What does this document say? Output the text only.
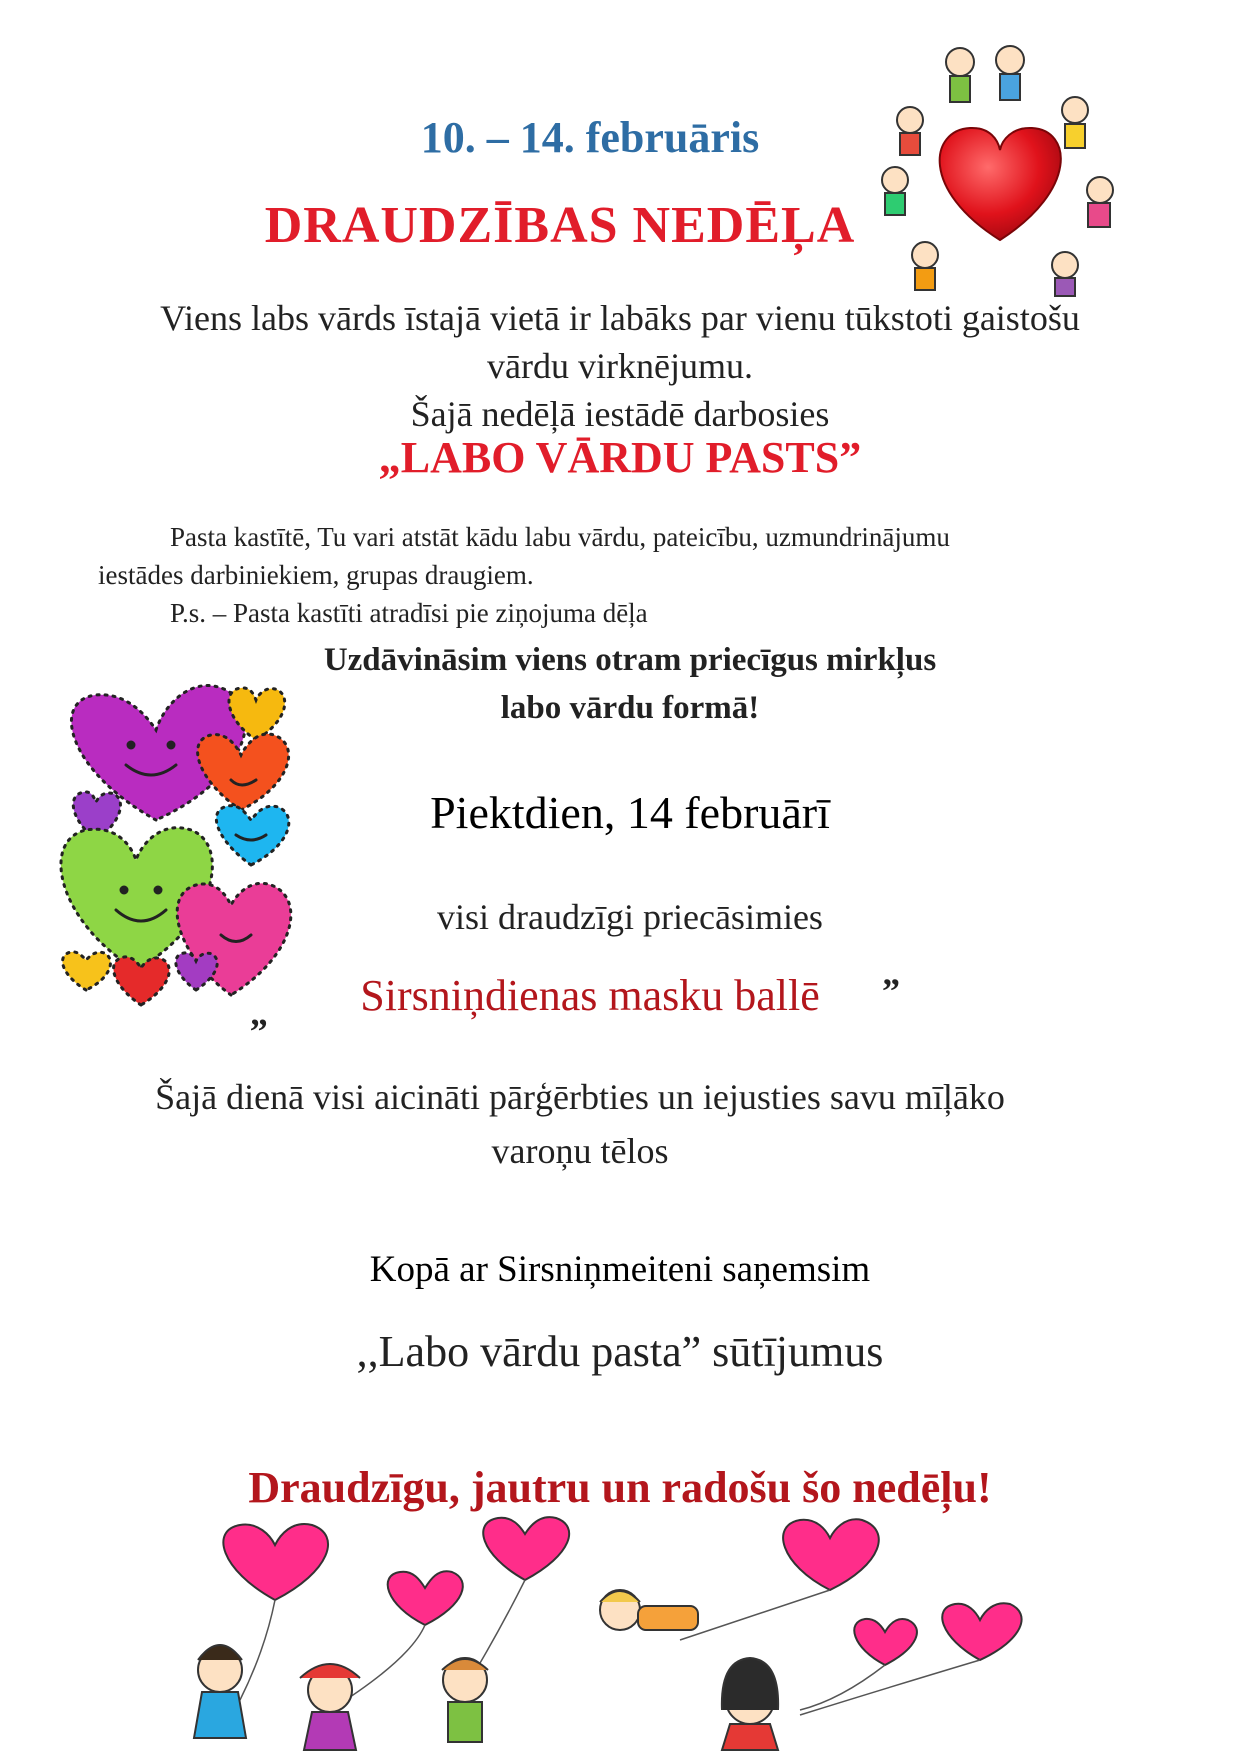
10. – 14. februāris
DRAUDZĪBAS NEDĒĻA
Viens labs vārds īstajā vietā ir labāks par vienu tūkstoti gaistošu
vārdu virknējumu.
Šajā nedēļā iestādē darbosies
„LABO VĀRDU PASTS”
Pasta kastītē, Tu vari atstāt kādu labu vārdu, pateicību, uzmundrinājumu
iestādes darbiniekiem, grupas draugiem.
P.s. – Pasta kastīti atradīsi pie ziņojuma dēļa
Uzdāvināsim viens otram priecīgus mirkļus
labo vārdu formā!
Piektdien, 14 februārī
visi draudzīgi priecāsimies
„ Sirsniņdienas masku ballē ”
Šajā dienā visi aicināti pārģērbties un iejusties savu mīļāko
varoņu tēlos
Kopā ar Sirsniņmeiteni saņemsim
,,Labo vārdu pasta” sūtījumus
Draudzīgu, jautru un radošu šo nedēļu!
